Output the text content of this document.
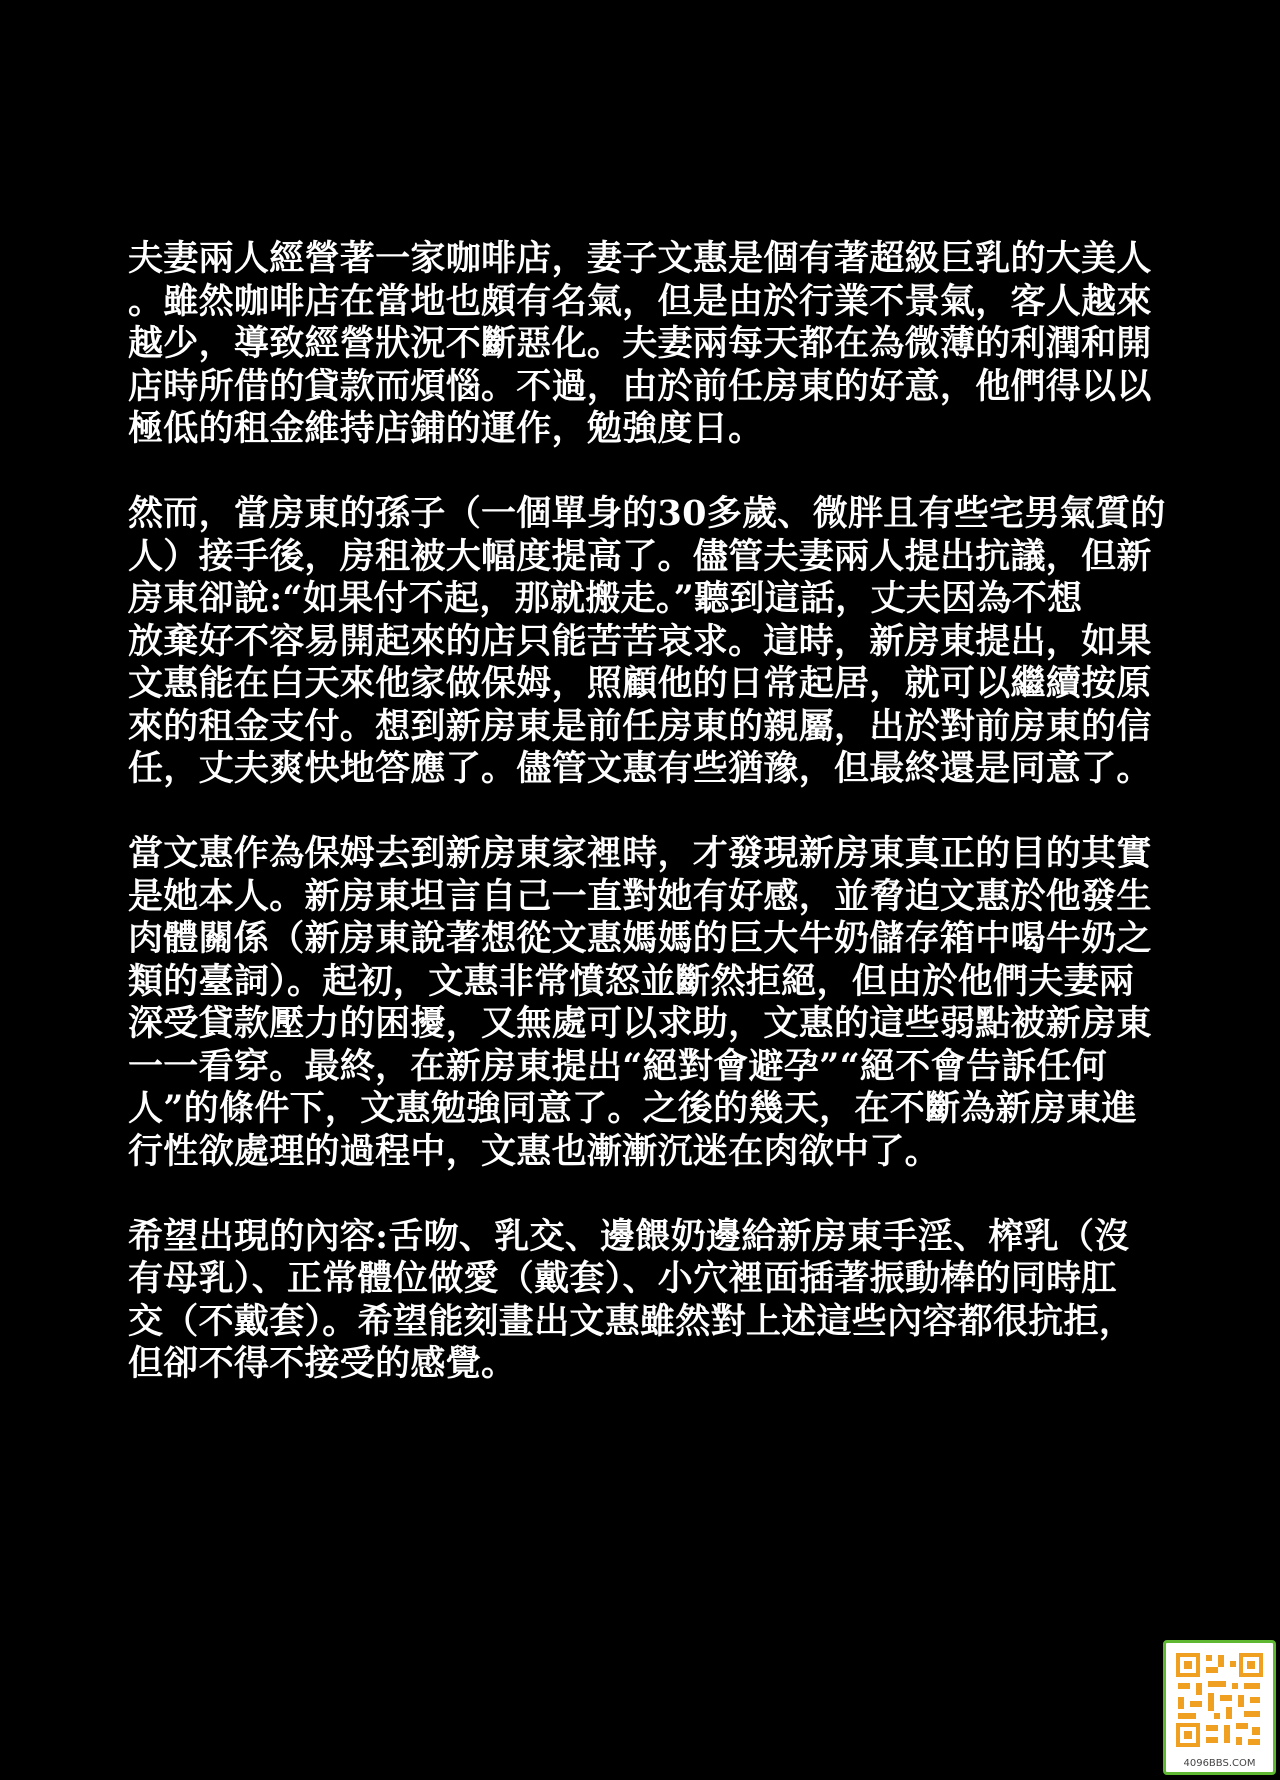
夫妻兩人經營著一家咖啡店，妻子文惠是個有著超級巨乳的大美人
。雖然咖啡店在當地也頗有名氣，但是由於行業不景氣，客人越來
越少，導致經營狀況不斷惡化。夫妻兩每天都在為微薄的利潤和開
店時所借的貸款而煩惱。不過，由於前任房東的好意，他們得以以
極低的租金維持店鋪的運作，勉強度日。
然而，當房東的孫子（一個單身的30多歲、微胖且有些宅男氣質的
人）接手後，房租被大幅度提高了。儘管夫妻兩人提出抗議，但新
房東卻說:“如果付不起，那就搬走。”聽到這話，丈夫因為不想
放棄好不容易開起來的店只能苦苦哀求。這時，新房東提出，如果
文惠能在白天來他家做保姆，照顧他的日常起居，就可以繼續按原
來的租金支付。想到新房東是前任房東的親屬，出於對前房東的信
任，丈夫爽快地答應了。儘管文惠有些猶豫，但最終還是同意了。
當文惠作為保姆去到新房東家裡時，才發現新房東真正的目的其實
是她本人。新房東坦言自己一直對她有好感，並脅迫文惠於他發生
肉體關係（新房東說著想從文惠媽媽的巨大牛奶儲存箱中喝牛奶之
類的臺詞）。起初，文惠非常憤怒並斷然拒絕，但由於他們夫妻兩
深受貸款壓力的困擾，又無處可以求助，文惠的這些弱點被新房東
一一看穿。最終，在新房東提出“絕對會避孕”“絕不會告訴任何
人”的條件下，文惠勉強同意了。之後的幾天，在不斷為新房東進
行性欲處理的過程中，文惠也漸漸沉迷在肉欲中了。
希望出現的內容:舌吻、乳交、邊餵奶邊給新房東手淫、榨乳（沒
有母乳）、正常體位做愛（戴套）、小穴裡面插著振動棒的同時肛
交（不戴套）。希望能刻畫出文惠雖然對上述這些內容都很抗拒，
但卻不得不接受的感覺。
4096BBS.COM
